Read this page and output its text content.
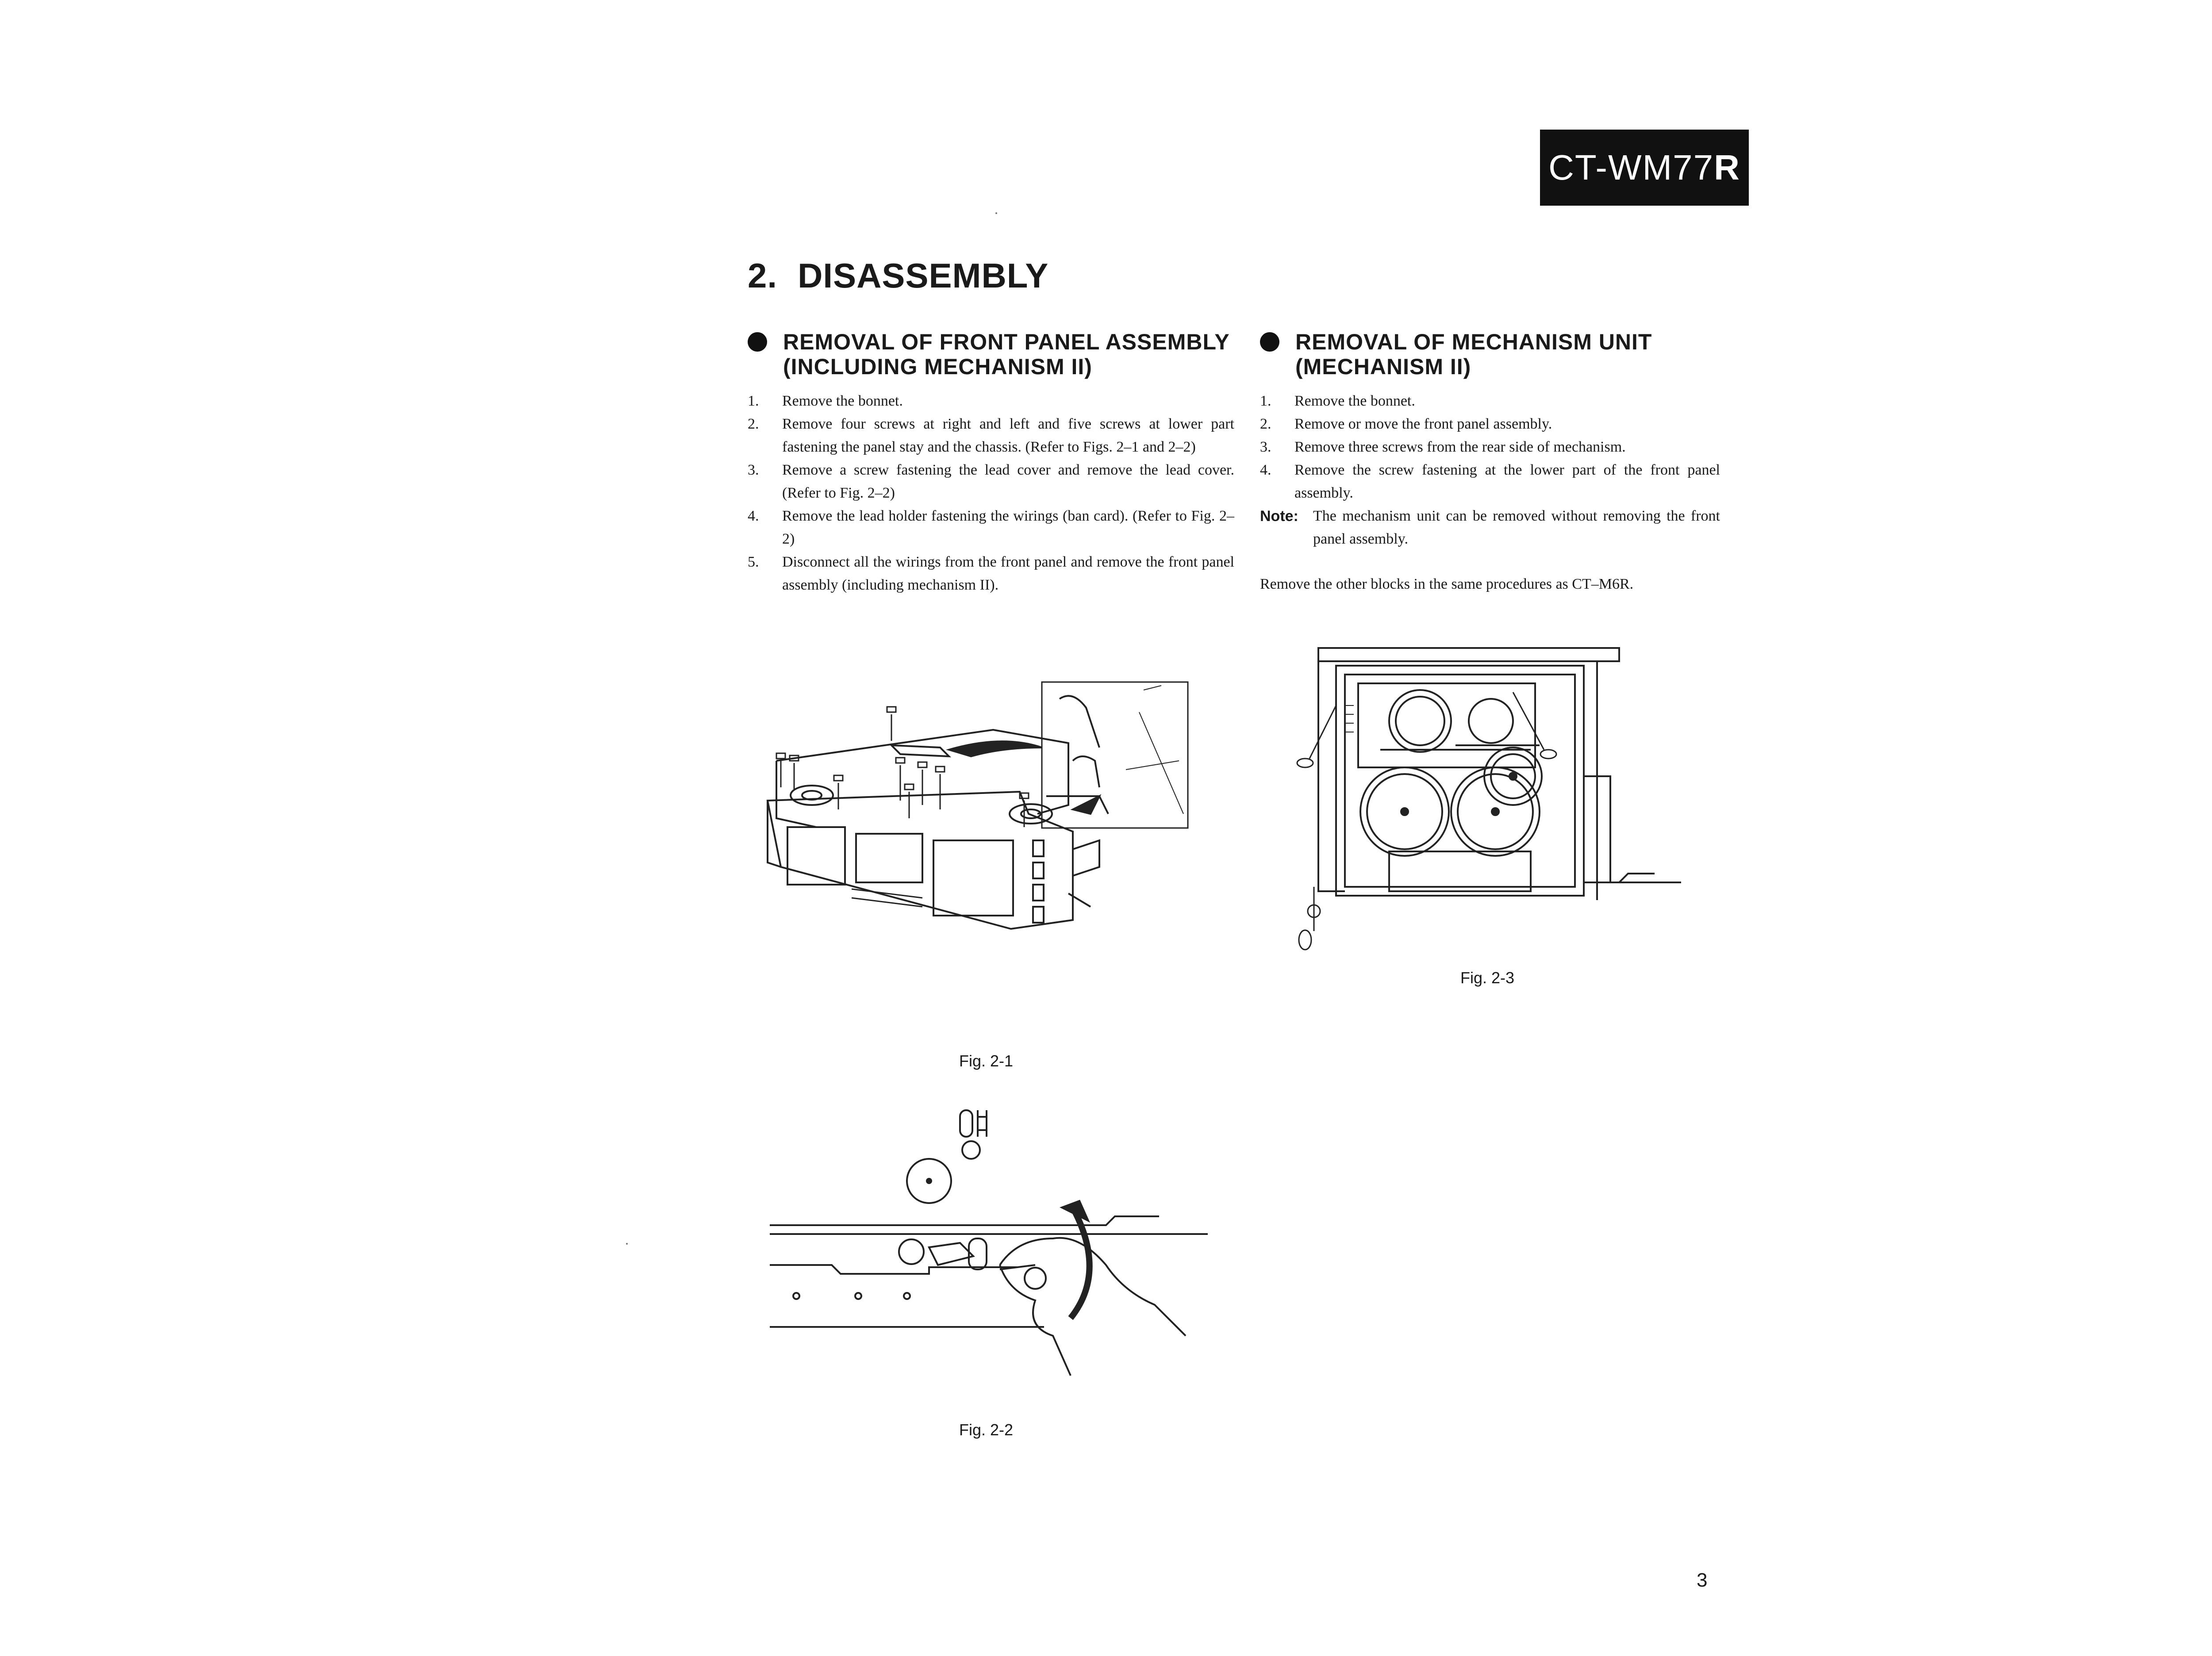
CT-WM77 R
2. DISASSEMBLY
REMOVAL OF FRONT PANEL ASSEMBLY
(INCLUDING MECHANISM II)
1. Remove the bonnet.
2. Remove four screws at right and left and five screws at lower part fastening the panel stay and the chassis. (Refer to Figs. 2–1 and 2–2)
3. Remove a screw fastening the lead cover and remove the lead cover. (Refer to Fig. 2–2)
4. Remove the lead holder fastening the wirings (ban card). (Refer to Fig. 2–2)
5. Disconnect all the wirings from the front panel and remove the front panel assembly (including mechanism II).
REMOVAL OF MECHANISM UNIT
(MECHANISM II)
1. Remove the bonnet.
2. Remove or move the front panel assembly.
3. Remove three screws from the rear side of mechanism.
4. Remove the screw fastening at the lower part of the front panel assembly.
Note: The mechanism unit can be removed without removing the front panel assembly.
Remove the other blocks in the same procedures as CT–M6R.
Fig. 2-1
Fig. 2-2
Fig. 2-3
3
